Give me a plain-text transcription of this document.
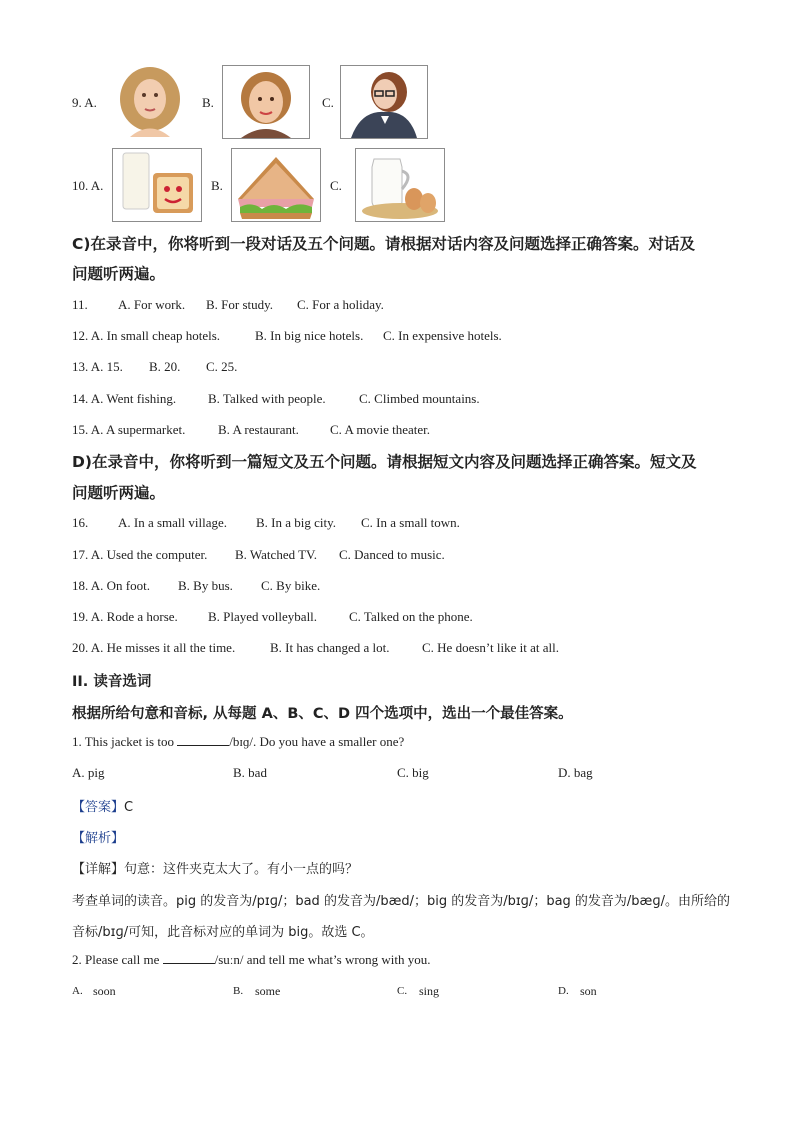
9. A.	B.	C.
10. A.	B.	C.
C)在录音中，你将听到一段对话及五个问题。请根据对话内容及问题选择正确答案。对话及
问题听两遍。
11. A. For work. B. For study. C. For a holiday.
12. A. In small cheap hotels.	B. In big nice hotels. C. In expensive hotels.
13. A. 15. B. 20. C. 25.
14. A. Went fishing. B. Talked with people.	C. Climbed mountains.
15. A. A supermarket.	B. A restaurant. C. A movie theater.
D)在录音中，你将听到一篇短文及五个问题。请根据短文内容及问题选择正确答案。短文及
问题听两遍。
16. A. In a small village. B. In a big city. C. In a small town.
17. A. Used the computer. B. Watched TV. C. Danced to music.
18. A. On foot. B. By bus. C. By bike.
19. A. Rode a horse. B. Played volleyball. C. Talked on the phone.
20. A. He misses it all the time.	B. It has changed a lot.	C. He doesn’t like it at all.
II. 读音选词
根据所给句意和音标, 从每题 A、B、C、D 四个选项中，选出一个最佳答案。
1. This jacket is too	/bɪɡ/. Do you have a smaller one?
A. pig	B. bad	C. big	D. bag
【答案】C
【解析】
【详解】句意：这件夹克太大了。有小一点的吗？
考查单词的读音。pig 的发音为/pɪɡ/；bad 的发音为/bæd/；big 的发音为/bɪɡ/；bag 的发音为/bæɡ/。由所给的
音标/bɪɡ/可知，此音标对应的单词为 big。故选 C。
2. Please call me	/suːn/ and tell me what’s wrong with you.
A. soon	B. some	C. sing	D. son
